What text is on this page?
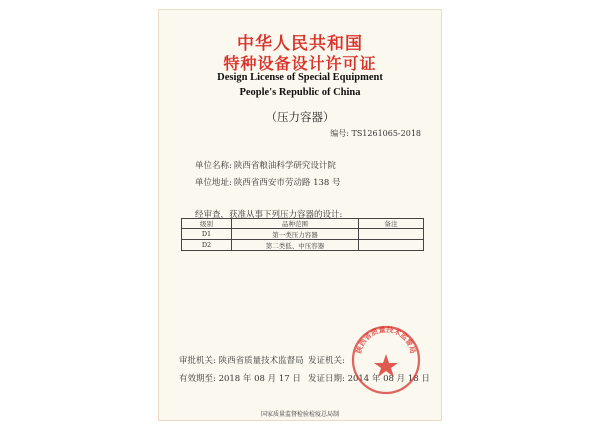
中华人民共和国
特种设备设计许可证
Design License of Special Equipment
People's Republic of China
（压力容器）
编号: TS1261065-2018
单位名称: 陕西省粮油科学研究设计院
单位地址: 陕西省西安市劳动路 138 号
经审查，获准从事下列压力容器的设计:
级别	品种范围	备注
D1	第一类压力容器	
D2	第二类低、中压容器	
审批机关: 陕西省质量技术监督局 发证机关:
有效期至: 2018 年 08 月 17 日 发证日期: 2014 年 08 月 18 日
陕西省质量技术监督局
国家质量监督检验检疫总局制
